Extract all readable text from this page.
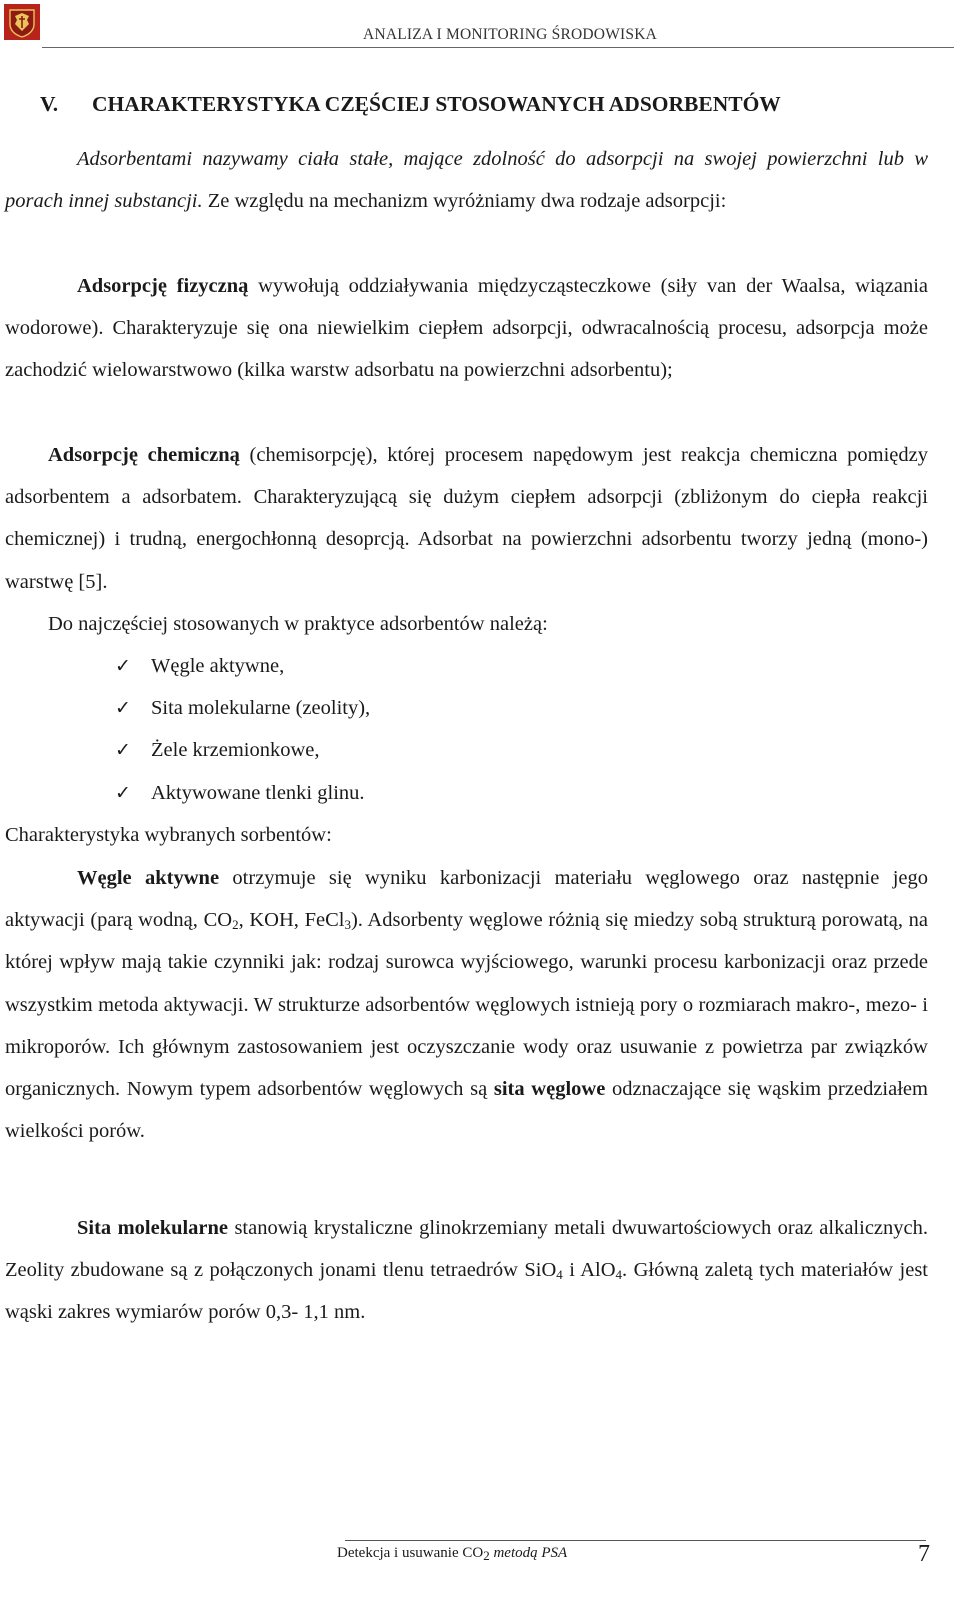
ANALIZA I MONITORING ŚRODOWISKA
V. CHARAKTERYSTYKA CZĘŚCIEJ STOSOWANYCH ADSORBENTÓW

Adsorbentami nazywamy ciała stałe, mające zdolność do adsorpcji na swojej powierzchni lub w porach innej substancji. Ze względu na mechanizm wyróżniamy dwa rodzaje adsorpcji:

Adsorpcję fizyczną wywołują oddziaływania międzycząsteczkowe (siły van der Waalsa, wiązania wodorowe). Charakteryzuje się ona niewielkim ciepłem adsorpcji, odwracalnością procesu, adsorpcja może zachodzić wielowarstwowo (kilka warstw adsorbatu na powierzchni adsorbentu);

Adsorpcję chemiczną (chemisorpcję), której procesem napędowym jest reakcja chemiczna pomiędzy adsorbentem a adsorbatem. Charakteryzującą się dużym ciepłem adsorpcji (zbliżonym do ciepła reakcji chemicznej) i trudną, energochłonną desoprcją. Adsorbat na powierzchni adsorbentu tworzy jedną (mono-) warstwę [5].

Do najczęściej stosowanych w praktyce adsorbentów należą:

✓ Węgle aktywne,
✓ Sita molekularne (zeolity),
✓ Żele krzemionkowe,
✓ Aktywowane tlenki glinu.

Charakterystyka wybranych sorbentów:

Węgle aktywne otrzymuje się wyniku karbonizacji materiału węglowego oraz następnie jego aktywacji (parą wodną, $CO_2$, KOH, FeCl$_3$). Adsorbenty węglowe różnią się miedzy sobą strukturą porowatą, na której wpływ mają takie czynniki jak: rodzaj surowca wyjściowego, warunki procesu karbonizacji oraz przede wszystkim metoda aktywacji. W strukturze adsorbentów węglowych istnieją pory o rozmiarach makro-, mezo- i mikroporów. Ich głównym zastosowaniem jest oczyszczanie wody oraz usuwanie z powietrza par związków organicznych. Nowym typem adsorbentów węglowych są sita węglowe odznaczające się wąskim przedziałem wielkości porów.

Sita molekularne stanowią krystaliczne glinokrzemiany metali dwuwartościowych oraz alkalicznych. Zeolity zbudowane są z połączonych jonami tlenu tetraedrów SiO$_4$ i AlO$_4$. Główną zaletą tych materiałów jest wąski zakres wymiarów porów 0,3- 1,1 nm.

Detekcja i usuwanie $CO_2$ metodą PSA	7
